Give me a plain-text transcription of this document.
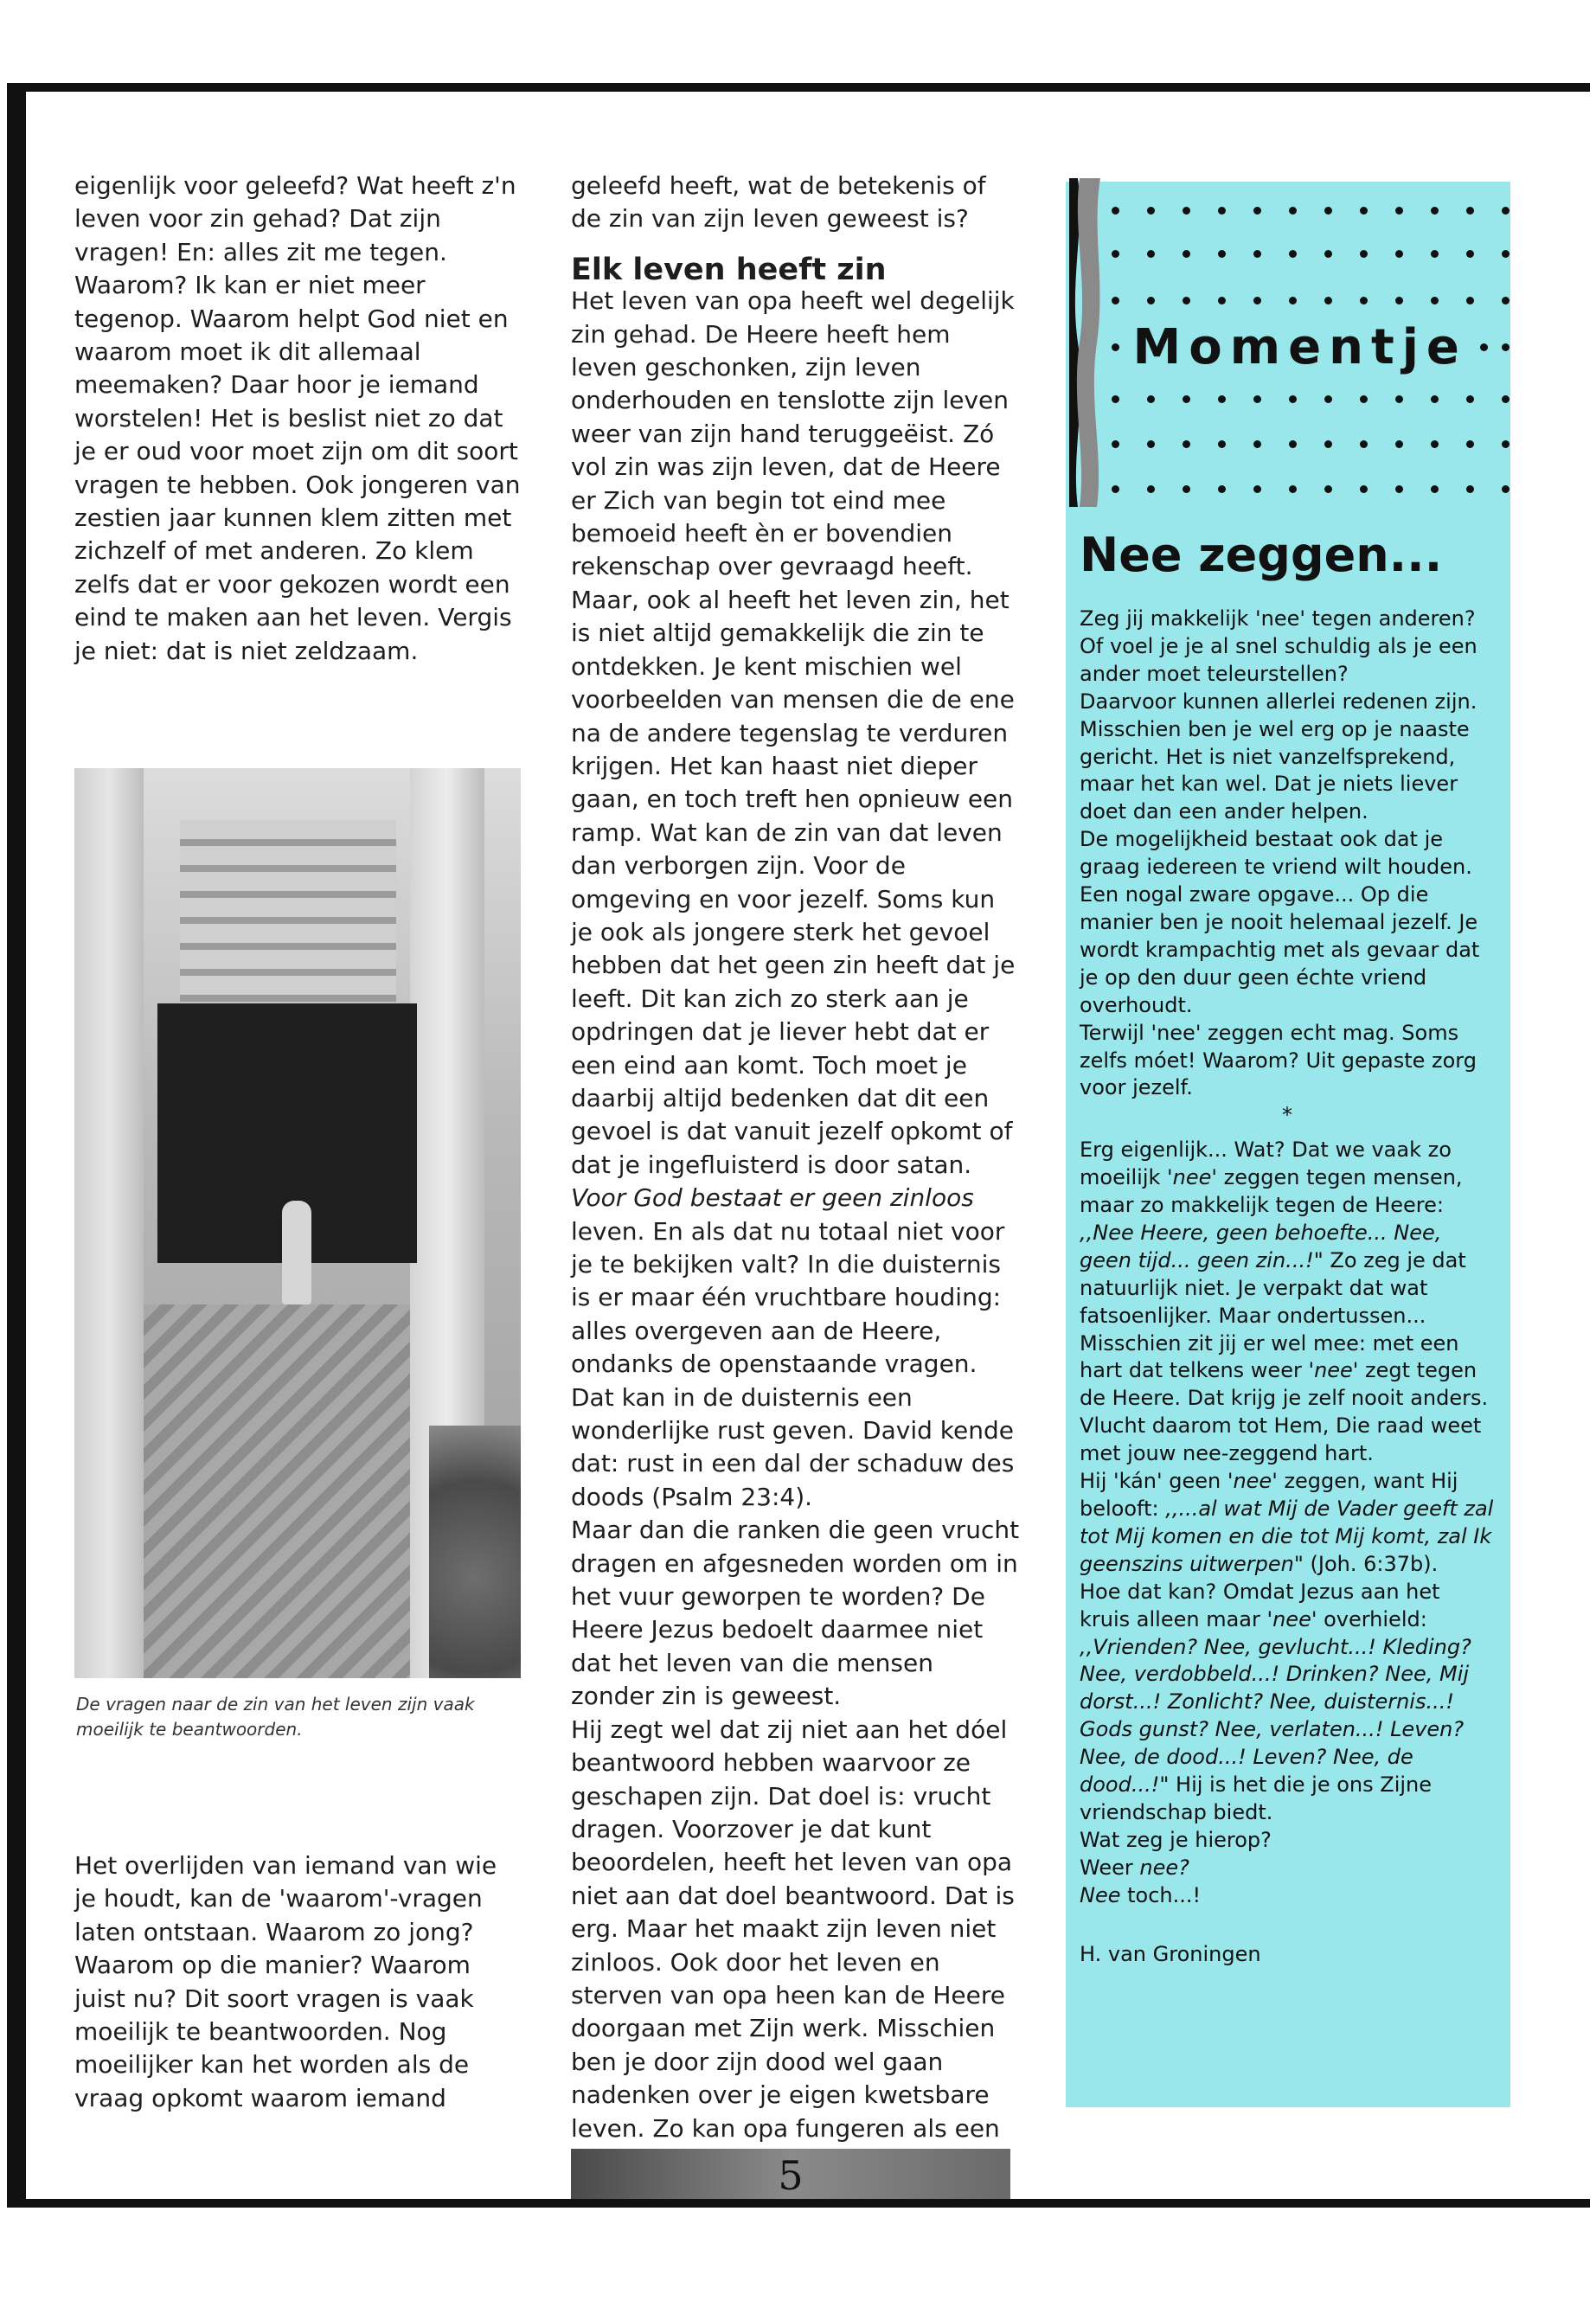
eigenlijk voor geleefd? Wat heeft z'n leven voor zin gehad? Dat zijn vragen! En: alles zit me tegen. Waarom? Ik kan er niet meer tegenop. Waarom helpt God niet en waarom moet ik dit allemaal meemaken? Daar hoor je iemand worstelen! Het is beslist niet zo dat je er oud voor moet zijn om dit soort vragen te hebben. Ook jongeren van zestien jaar kunnen klem zitten met zichzelf of met anderen. Zo klem zelfs dat er voor gekozen wordt een eind te maken aan het leven. Vergis je niet: dat is niet zeldzaam.

De vragen naar de zin van het leven zijn vaak moeilijk te beantwoorden.

Het overlijden van iemand van wie je houdt, kan de 'waarom'-vragen laten ontstaan. Waarom zo jong? Waarom op die manier? Waarom juist nu? Dit soort vragen is vaak moeilijk te beantwoorden. Nog moeilijker kan het worden als de vraag opkomt waarom iemand

geleefd heeft, wat de betekenis of de zin van zijn leven geweest is?

Elk leven heeft zin

Het leven van opa heeft wel degelijk zin gehad. De Heere heeft hem leven geschonken, zijn leven onderhouden en tenslotte zijn leven weer van zijn hand teruggeëist. Zó vol zin was zijn leven, dat de Heere er Zich van begin tot eind mee bemoeid heeft èn er bovendien rekenschap over gevraagd heeft. Maar, ook al heeft het leven zin, het is niet altijd gemakkelijk die zin te ontdekken. Je kent mischien wel voorbeelden van mensen die de ene na de andere tegenslag te verduren krijgen. Het kan haast niet dieper gaan, en toch treft hen opnieuw een ramp. Wat kan de zin van dat leven dan verborgen zijn. Voor de omgeving en voor jezelf. Soms kun je ook als jongere sterk het gevoel hebben dat het geen zin heeft dat je leeft. Dit kan zich zo sterk aan je opdringen dat je liever hebt dat er een eind aan komt. Toch moet je daarbij altijd bedenken dat dit een gevoel is dat vanuit jezelf opkomt of dat je ingefluisterd is door satan.

Voor God bestaat er geen zinloos leven. En als dat nu totaal niet voor je te bekijken valt? In die duisternis is er maar één vruchtbare houding: alles overgeven aan de Heere, ondanks de openstaande vragen. Dat kan in de duisternis een wonderlijke rust geven. David kende dat: rust in een dal der schaduw des doods (Psalm 23:4).

Maar dan die ranken die geen vrucht dragen en afgesneden worden om in het vuur geworpen te worden? De Heere Jezus bedoelt daarmee niet dat het leven van die mensen zonder zin is geweest.

Hij zegt wel dat zij niet aan het dóel beantwoord hebben waarvoor ze geschapen zijn. Dat doel is: vrucht dragen. Voorzover je dat kunt beoordelen, heeft het leven van opa niet aan dat doel beantwoord. Dat is erg. Maar het maakt zijn leven niet zinloos. Ook door het leven en sterven van opa heen kan de Heere doorgaan met Zijn werk. Misschien ben je door zijn dood wel gaan nadenken over je eigen kwetsbare leven. Zo kan opa fungeren als een

Momentje
Nee zeggen...

Zeg jij makkelijk 'nee' tegen anderen? Of voel je je al snel schuldig als je een ander moet teleurstellen?

Daarvoor kunnen allerlei redenen zijn. Misschien ben je wel erg op je naaste gericht. Het is niet vanzelfsprekend, maar het kan wel. Dat je niets liever doet dan een ander helpen.

De mogelijkheid bestaat ook dat je graag iedereen te vriend wilt houden. Een nogal zware opgave... Op die manier ben je nooit helemaal jezelf. Je wordt krampachtig met als gevaar dat je op den duur geen échte vriend overhoudt.

Terwijl 'nee' zeggen echt mag. Soms zelfs móet! Waarom? Uit gepaste zorg voor jezelf.

*

Erg eigenlijk... Wat? Dat we vaak zo moeilijk 'nee' zeggen tegen mensen, maar zo makkelijk tegen de Heere: ,,Nee Heere, geen behoefte... Nee, geen tijd... geen zin...!" Zo zeg je dat natuurlijk niet. Je verpakt dat wat fatsoenlijker. Maar ondertussen...

Misschien zit jij er wel mee: met een hart dat telkens weer 'nee' zegt tegen de Heere. Dat krijg je zelf nooit anders. Vlucht daarom tot Hem, Die raad weet met jouw nee-zeggend hart.

Hij 'kán' geen 'nee' zeggen, want Hij belooft: ,,...al wat Mij de Vader geeft zal tot Mij komen en die tot Mij komt, zal Ik geenszins uitwerpen" (Joh. 6:37b).

Hoe dat kan? Omdat Jezus aan het kruis alleen maar 'nee' overhield: ,,Vrienden? Nee, gevlucht...! Kleding? Nee, verdobbeld...! Drinken? Nee, Mij dorst...! Zonlicht? Nee, duisternis...! Gods gunst? Nee, verlaten...! Leven? Nee, de dood...! Leven? Nee, de dood...!" Hij is het die je ons Zijne vriendschap biedt.

Wat zeg je hierop?

Weer nee?

Nee toch...!

H. van Groningen

5
